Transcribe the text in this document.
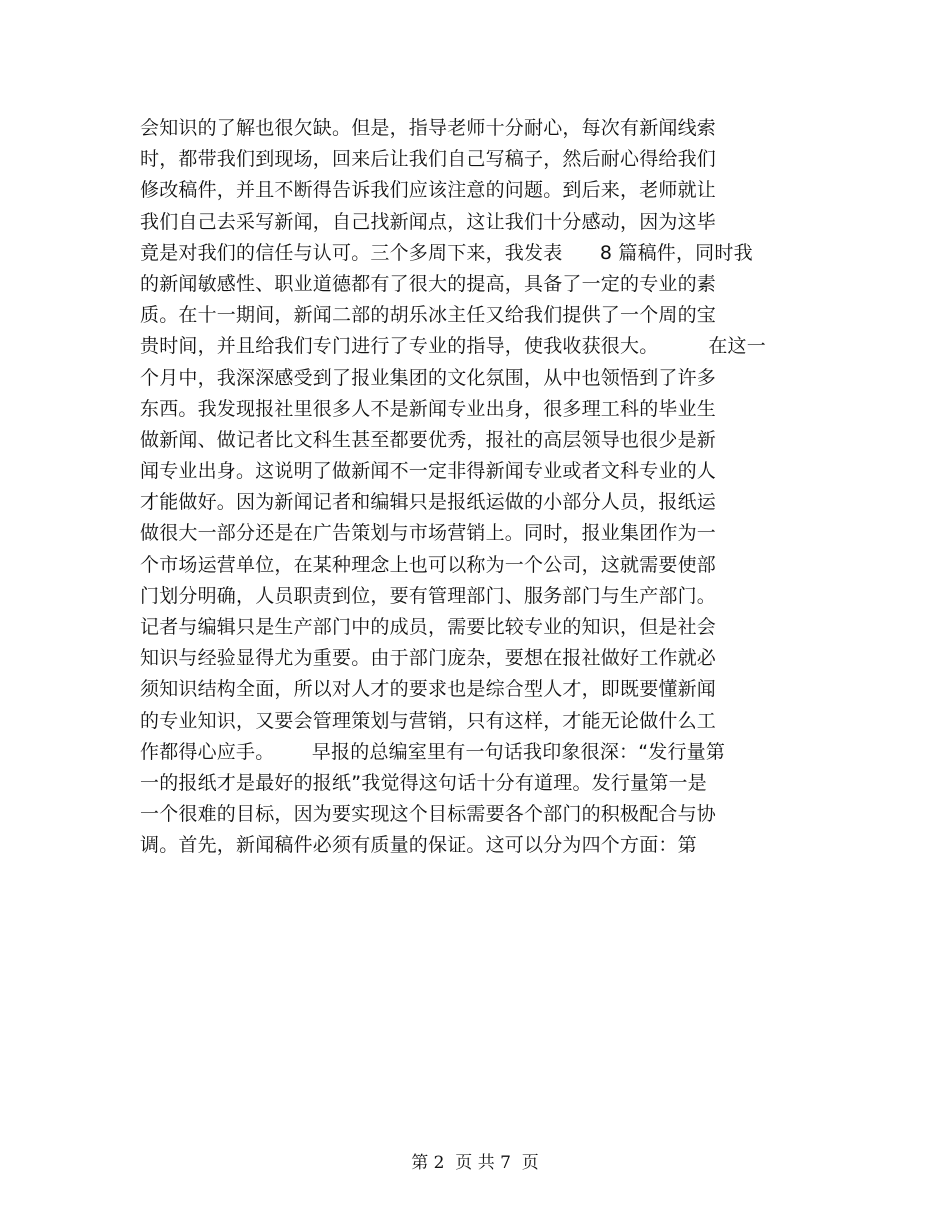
会知识的了解也很欠缺。但是，指导老师十分耐心，每次有新闻线索
时，都带我们到现场，回来后让我们自己写稿子，然后耐心得给我们
修改稿件，并且不断得告诉我们应该注意的问题。到后来，老师就让
我们自己去采写新闻，自己找新闻点，这让我们十分感动，因为这毕
竟是对我们的信任与认可。三个多周下来，我发表      8 篇稿件，同时我
的新闻敏感性、职业道德都有了很大的提高，具备了一定的专业的素
质。在十一期间，新闻二部的胡乐冰主任又给我们提供了一个周的宝
贵时间，并且给我们专门进行了专业的指导，使我收获很大。        在这一
个月中，我深深感受到了报业集团的文化氛围，从中也领悟到了许多
东西。我发现报社里很多人不是新闻专业出身，很多理工科的毕业生
做新闻、做记者比文科生甚至都要优秀，报社的高层领导也很少是新
闻专业出身。这说明了做新闻不一定非得新闻专业或者文科专业的人
才能做好。因为新闻记者和编辑只是报纸运做的小部分人员，报纸运
做很大一部分还是在广告策划与市场营销上。同时，报业集团作为一
个市场运营单位，在某种理念上也可以称为一个公司，这就需要使部
门划分明确，人员职责到位，要有管理部门、服务部门与生产部门。
记者与编辑只是生产部门中的成员，需要比较专业的知识，但是社会
知识与经验显得尤为重要。由于部门庞杂，要想在报社做好工作就必
须知识结构全面，所以对人才的要求也是综合型人才，即既要懂新闻
的专业知识，又要会管理策划与营销，只有这样，才能无论做什么工
作都得心应手。      早报的总编室里有一句话我印象很深：“发行量第
一的报纸才是最好的报纸”我觉得这句话十分有道理。发行量第一是
一个很难的目标，因为要实现这个目标需要各个部门的积极配合与协
调。首先，新闻稿件必须有质量的保证。这可以分为四个方面：第
第 2  页 共 7  页
